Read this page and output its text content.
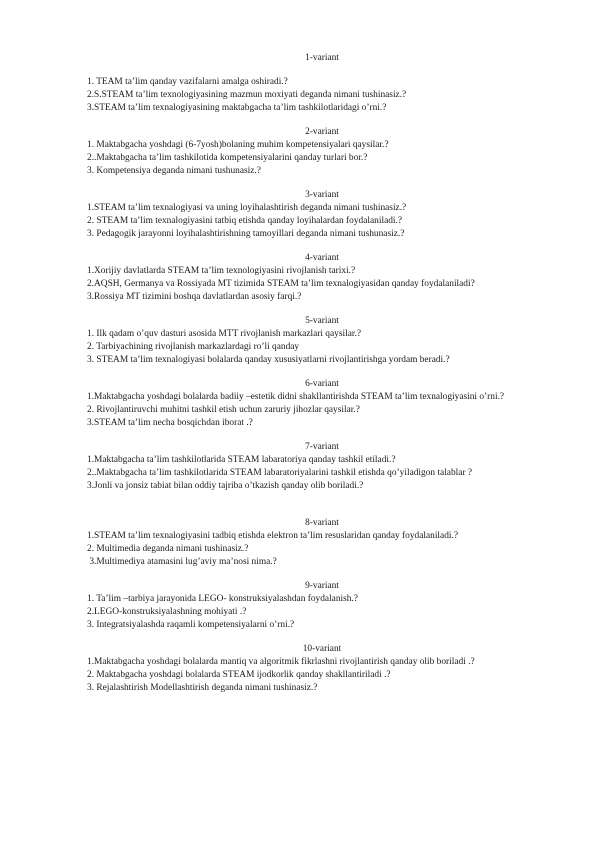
1-variant
1. TEAM ta’lim qanday vazifalarni amalga oshiradi.?
2.S.STEAM ta’lim texnologiyasining mazmun moxiyati deganda nimani tushinasiz.?
3.STEAM ta’lim texnalogiyasining maktabgacha ta’lim tashkilotlaridagi o’rni.?
2-variant
1. Maktabgacha yoshdagi (6-7yosh)bolaning muhim kompetensiyalari qaysilar.?
2..Maktabgacha ta’lim tashkilotida kompetensiyalarini qanday turlari bor.?
3. Kompetensiya deganda nimani tushunasiz.?
3-variant
1.STEAM ta’lim texnalogiyasi va uning loyihalashtirish deganda nimani tushinasiz.?
2. STEAM ta’lim texnalogiyasini tatbiq etishda qanday loyihalardan foydalaniladi.?
3. Pedagogik jarayonni loyihalashtirishning tamoyillari deganda nimani tushunasiz.?
4-variant
1.Xorijiy davlatlarda STEAM ta’lim texnologiyasini rivojlanish tarixi.?
2.AQSH, Germanya va Rossiyada MT tizimida STEAM ta’lim texnalogiyasidan qanday foydalaniladi?
3.Rossiya MT tizimini boshqa davlatlardan asosiy farqi.?
5-variant
1. Ilk qadam o’quv dasturi asosida MTT rivojlanish markazlari qaysilar.?
2. Tarbiyachining rivojlanish markazlardagi ro’li qanday
3. STEAM ta’lim texnalogiyasi bolalarda qanday xususiyatlarni rivojlantirishga yordam beradi.?
6-variant
1.Maktabgacha yoshdagi bolalarda badiiy –estetik didni shakllantirishda STEAM ta’lim texnalogiyasini o’rni.?
2. Rivojlantiruvchi muhitni tashkil etish uchun zaruriy jihozlar qaysilar.?
3.STEAM ta’lim necha bosqichdan iborat .?
7-variant
1.Maktabgacha ta’lim tashkilotlarida STEAM labaratoriya qanday tashkil etiladi.?
2..Maktabgacha ta’lim tashkilotlarida STEAM labaratoriyalarini tashkil etishda qo’yiladigon talablar ?
3.Jonli va jonsiz tabiat bilan oddiy tajriba o’tkazish qanday olib boriladi.?
8-variant
1.STEAM ta’lim texnalogiyasini tadbiq etishda elektron ta’lim resuslaridan qanday foydalaniladi.?
2. Multimedia deganda nimani tushinasiz.?
3.Multimediya atamasini lug’aviy ma’nosi nima.?
9-variant
1. Ta’lim –tarbiya jarayonida LEGO- konstruksiyalashdan foydalanish.?
2.LEGO-konstruksiyalashning mohiyati .?
3. Integratsiyalashda raqamli kompetensiyalarni o’rni.?
10-variant
1.Maktabgacha yoshdagi bolalarda mantiq va algoritmik fikrlashni rivojlantirish qanday olib boriladi .?
2. Maktabgacha yoshdagi bolalarda STEAM ijodkorlik qanday shakllantiriladi .?
3. Rejalashtirish Modellashtirish deganda nimani tushinasiz.?
